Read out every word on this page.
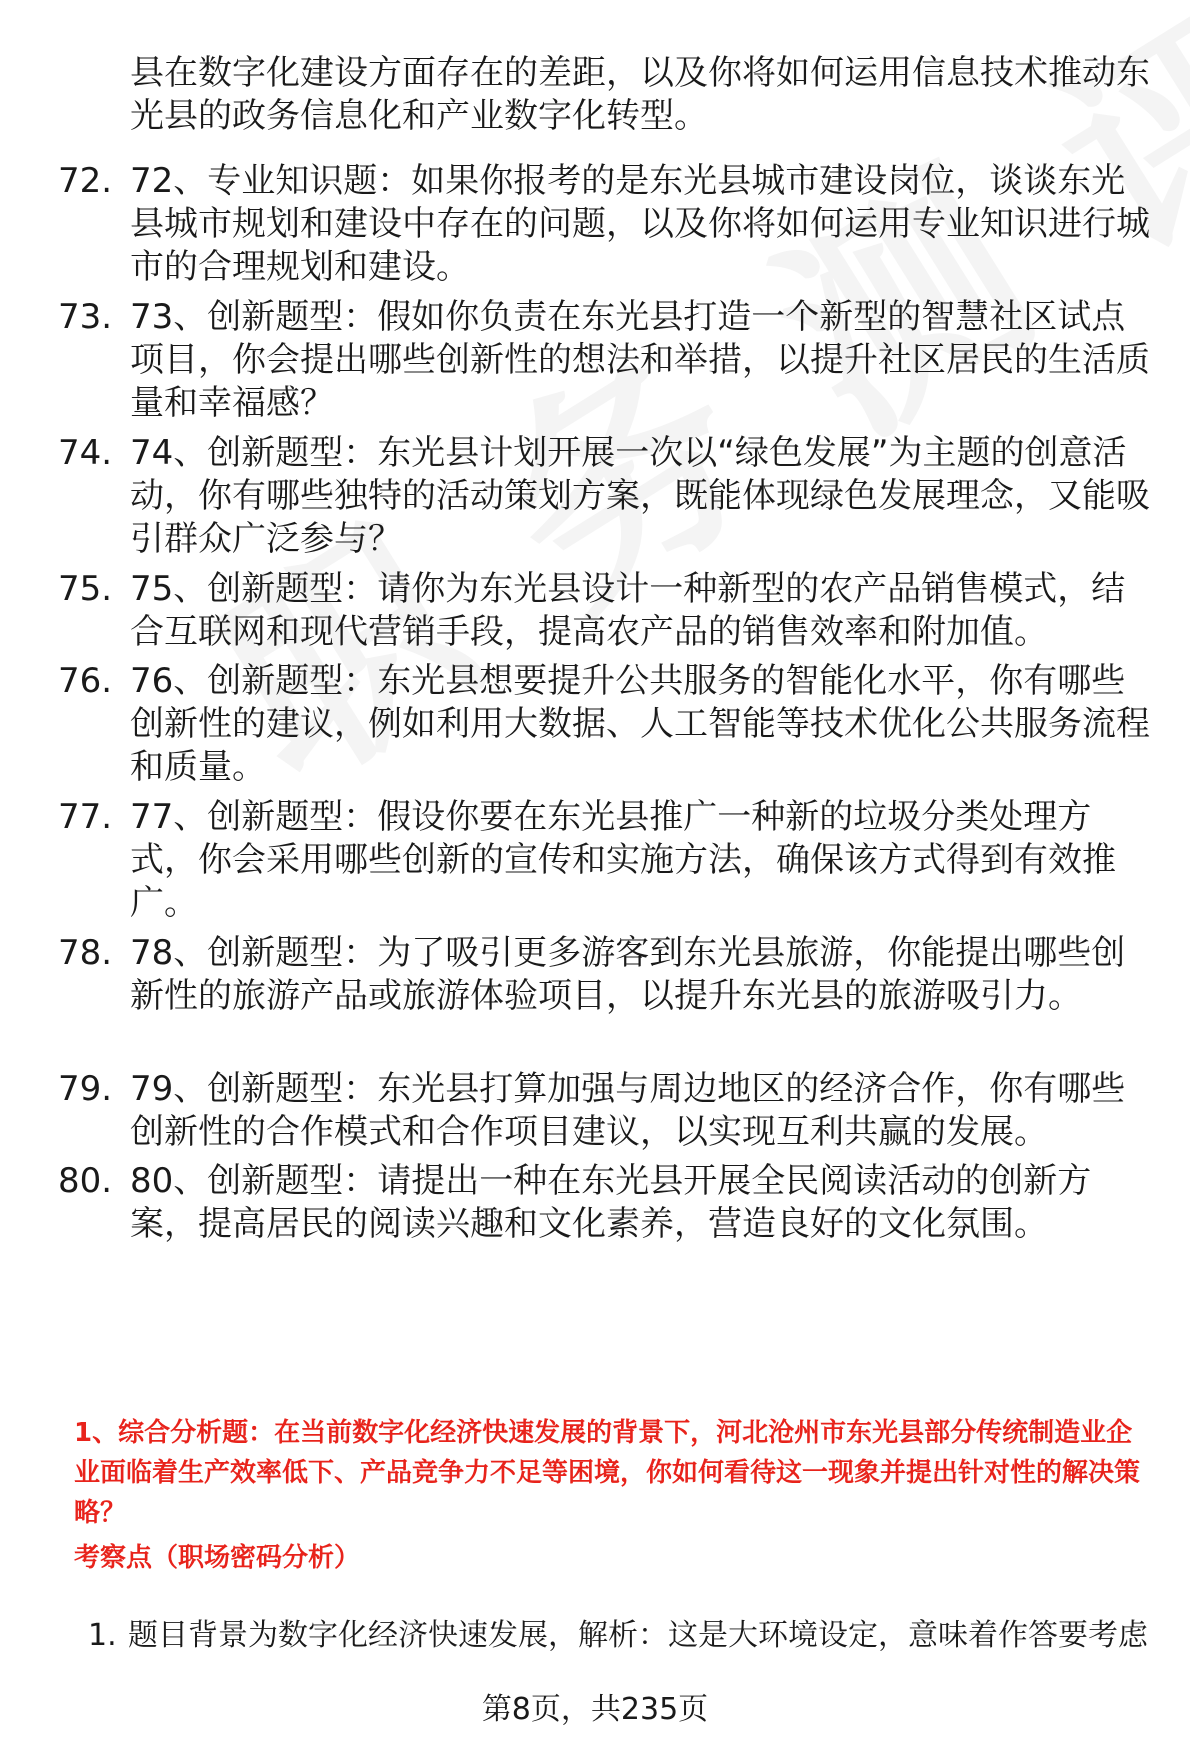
县在数字化建设方面存在的差距，以及你将如何运用信息技术推动东光县的政务信息化和产业数字化转型。
72. 72、专业知识题：如果你报考的是东光县城市建设岗位，谈谈东光县城市规划和建设中存在的问题，以及你将如何运用专业知识进行城市的合理规划和建设。
73. 73、创新题型：假如你负责在东光县打造一个新型的智慧社区试点项目，你会提出哪些创新性的想法和举措，以提升社区居民的生活质量和幸福感？
74. 74、创新题型：东光县计划开展一次以“绿色发展”为主题的创意活动，你有哪些独特的活动策划方案，既能体现绿色发展理念，又能吸引群众广泛参与？
75. 75、创新题型：请你为东光县设计一种新型的农产品销售模式，结合互联网和现代营销手段，提高农产品的销售效率和附加值。
76. 76、创新题型：东光县想要提升公共服务的智能化水平，你有哪些创新性的建议，例如利用大数据、人工智能等技术优化公共服务流程和质量。
77. 77、创新题型：假设你要在东光县推广一种新的垃圾分类处理方式，你会采用哪些创新的宣传和实施方法，确保该方式得到有效推广。
78. 78、创新题型：为了吸引更多游客到东光县旅游，你能提出哪些创新性的旅游产品或旅游体验项目，以提升东光县的旅游吸引力。
79. 79、创新题型：东光县打算加强与周边地区的经济合作，你有哪些创新性的合作模式和合作项目建议，以实现互利共赢的发展。
80. 80、创新题型：请提出一种在东光县开展全民阅读活动的创新方案，提高居民的阅读兴趣和文化素养，营造良好的文化氛围。
1、综合分析题：在当前数字化经济快速发展的背景下，河北沧州市东光县部分传统制造业企业面临着生产效率低下、产品竞争力不足等困境，你如何看待这一现象并提出针对性的解决策略？
考察点（职场密码分析）
1. 题目背景为数字化经济快速发展，解析：这是大环境设定，意味着作答要考虑
第8页，共235页
